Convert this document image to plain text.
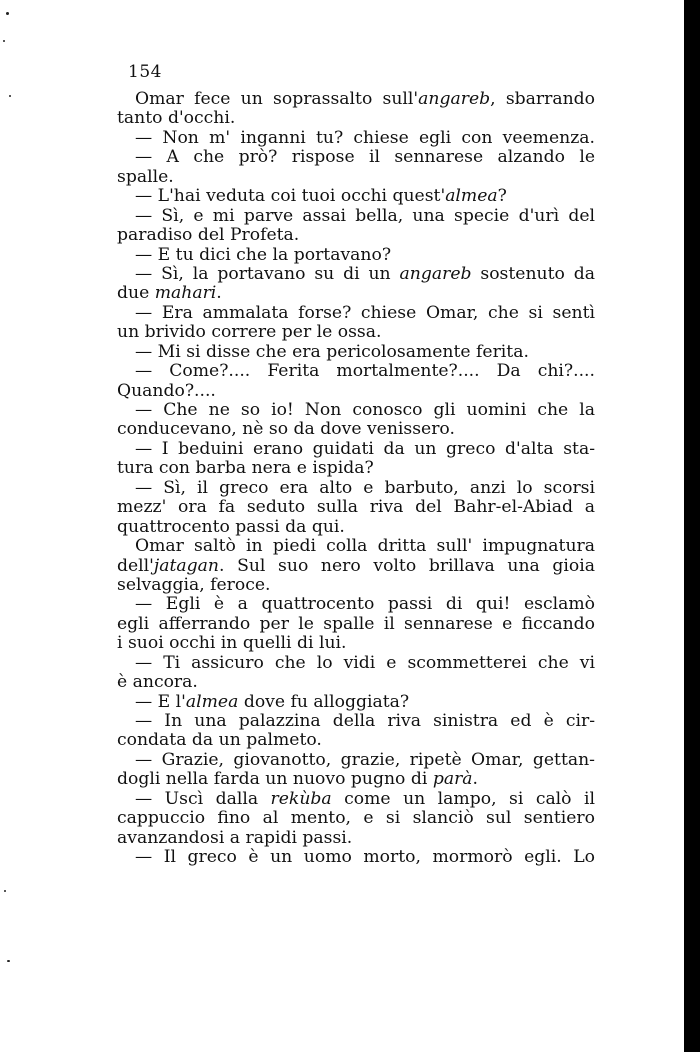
154
Omar fece un soprassalto sull'angareb, sbarrando
tanto d'occhi.
— Non m' inganni tu? chiese egli con veemenza.
— A che prò? rispose il sennarese alzando le
spalle.
— L'hai veduta coi tuoi occhi quest'almea?
— Sì, e mi parve assai bella, una specie d'urì del
paradiso del Profeta.
— E tu dici che la portavano?
— Sì, la portavano su di un angareb sostenuto da
due mahari.
— Era ammalata forse? chiese Omar, che si sentì
un brivido correre per le ossa.
— Mi si disse che era pericolosamente ferita.
— Come?.... Ferita mortalmente?.... Da chi?....
Quando?....
— Che ne so io! Non conosco gli uomini che la
conducevano, nè so da dove venissero.
— I beduini erano guidati da un greco d'alta sta-
tura con barba nera e ispida?
— Sì, il greco era alto e barbuto, anzi lo scorsi
mezz' ora fa seduto sulla riva del Bahr-el-Abiad a
quattrocento passi da qui.
Omar saltò in piedi colla dritta sull' impugnatura
dell'jatagan. Sul suo nero volto brillava una gioia
selvaggia, feroce.
— Egli è a quattrocento passi di qui! esclamò
egli afferrando per le spalle il sennarese e ficcando
i suoi occhi in quelli di lui.
— Ti assicuro che lo vidi e scommetterei che vi
è ancora.
— E l'almea dove fu alloggiata?
— In una palazzina della riva sinistra ed è cir-
condata da un palmeto.
— Grazie, giovanotto, grazie, ripetè Omar, gettan-
dogli nella farda un nuovo pugno di parà.
— Uscì dalla rekùba come un lampo, si calò il
cappuccio fino al mento, e si slanciò sul sentiero
avanzandosi a rapidi passi.
— Il greco è un uomo morto, mormorò egli. Lo
